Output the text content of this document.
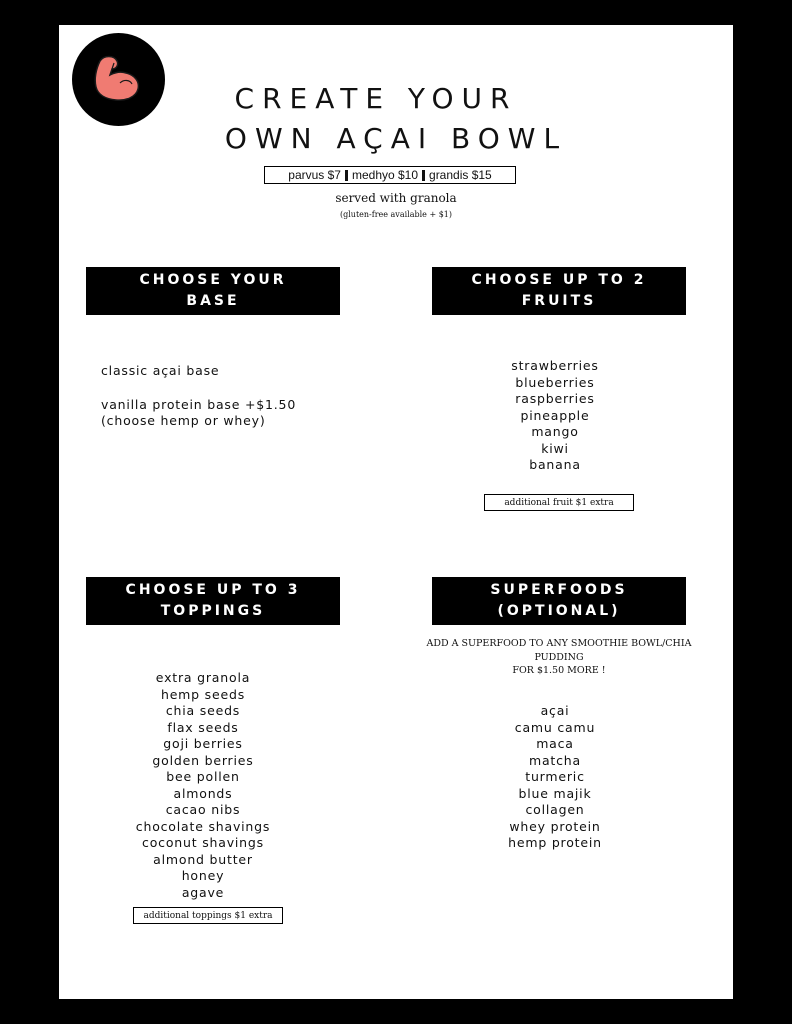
CREATE YOUR
OWN AÇAI BOWL
parvus $7 medhyo $10 grandis $15
served with granola
(gluten-free available + $1)
CHOOSE YOUR BASE
classic açai base
vanilla protein base +$1.50
(choose hemp or whey)
CHOOSE UP TO 2 FRUITS
strawberries
blueberries
raspberries
pineapple
mango
kiwi
banana
additional fruit $1 extra
CHOOSE UP TO 3 TOPPINGS
extra granola
hemp seeds
chia seeds
flax seeds
goji berries
golden berries
bee pollen
almonds
cacao nibs
chocolate shavings
coconut shavings
almond butter
honey
agave
additional toppings $1 extra
SUPERFOODS (OPTIONAL)
ADD A SUPERFOOD TO ANY SMOOTHIE BOWL/CHIA
PUDDING
FOR $1.50 MORE !
açai
camu camu
maca
matcha
turmeric
blue majik
collagen
whey protein
hemp protein
